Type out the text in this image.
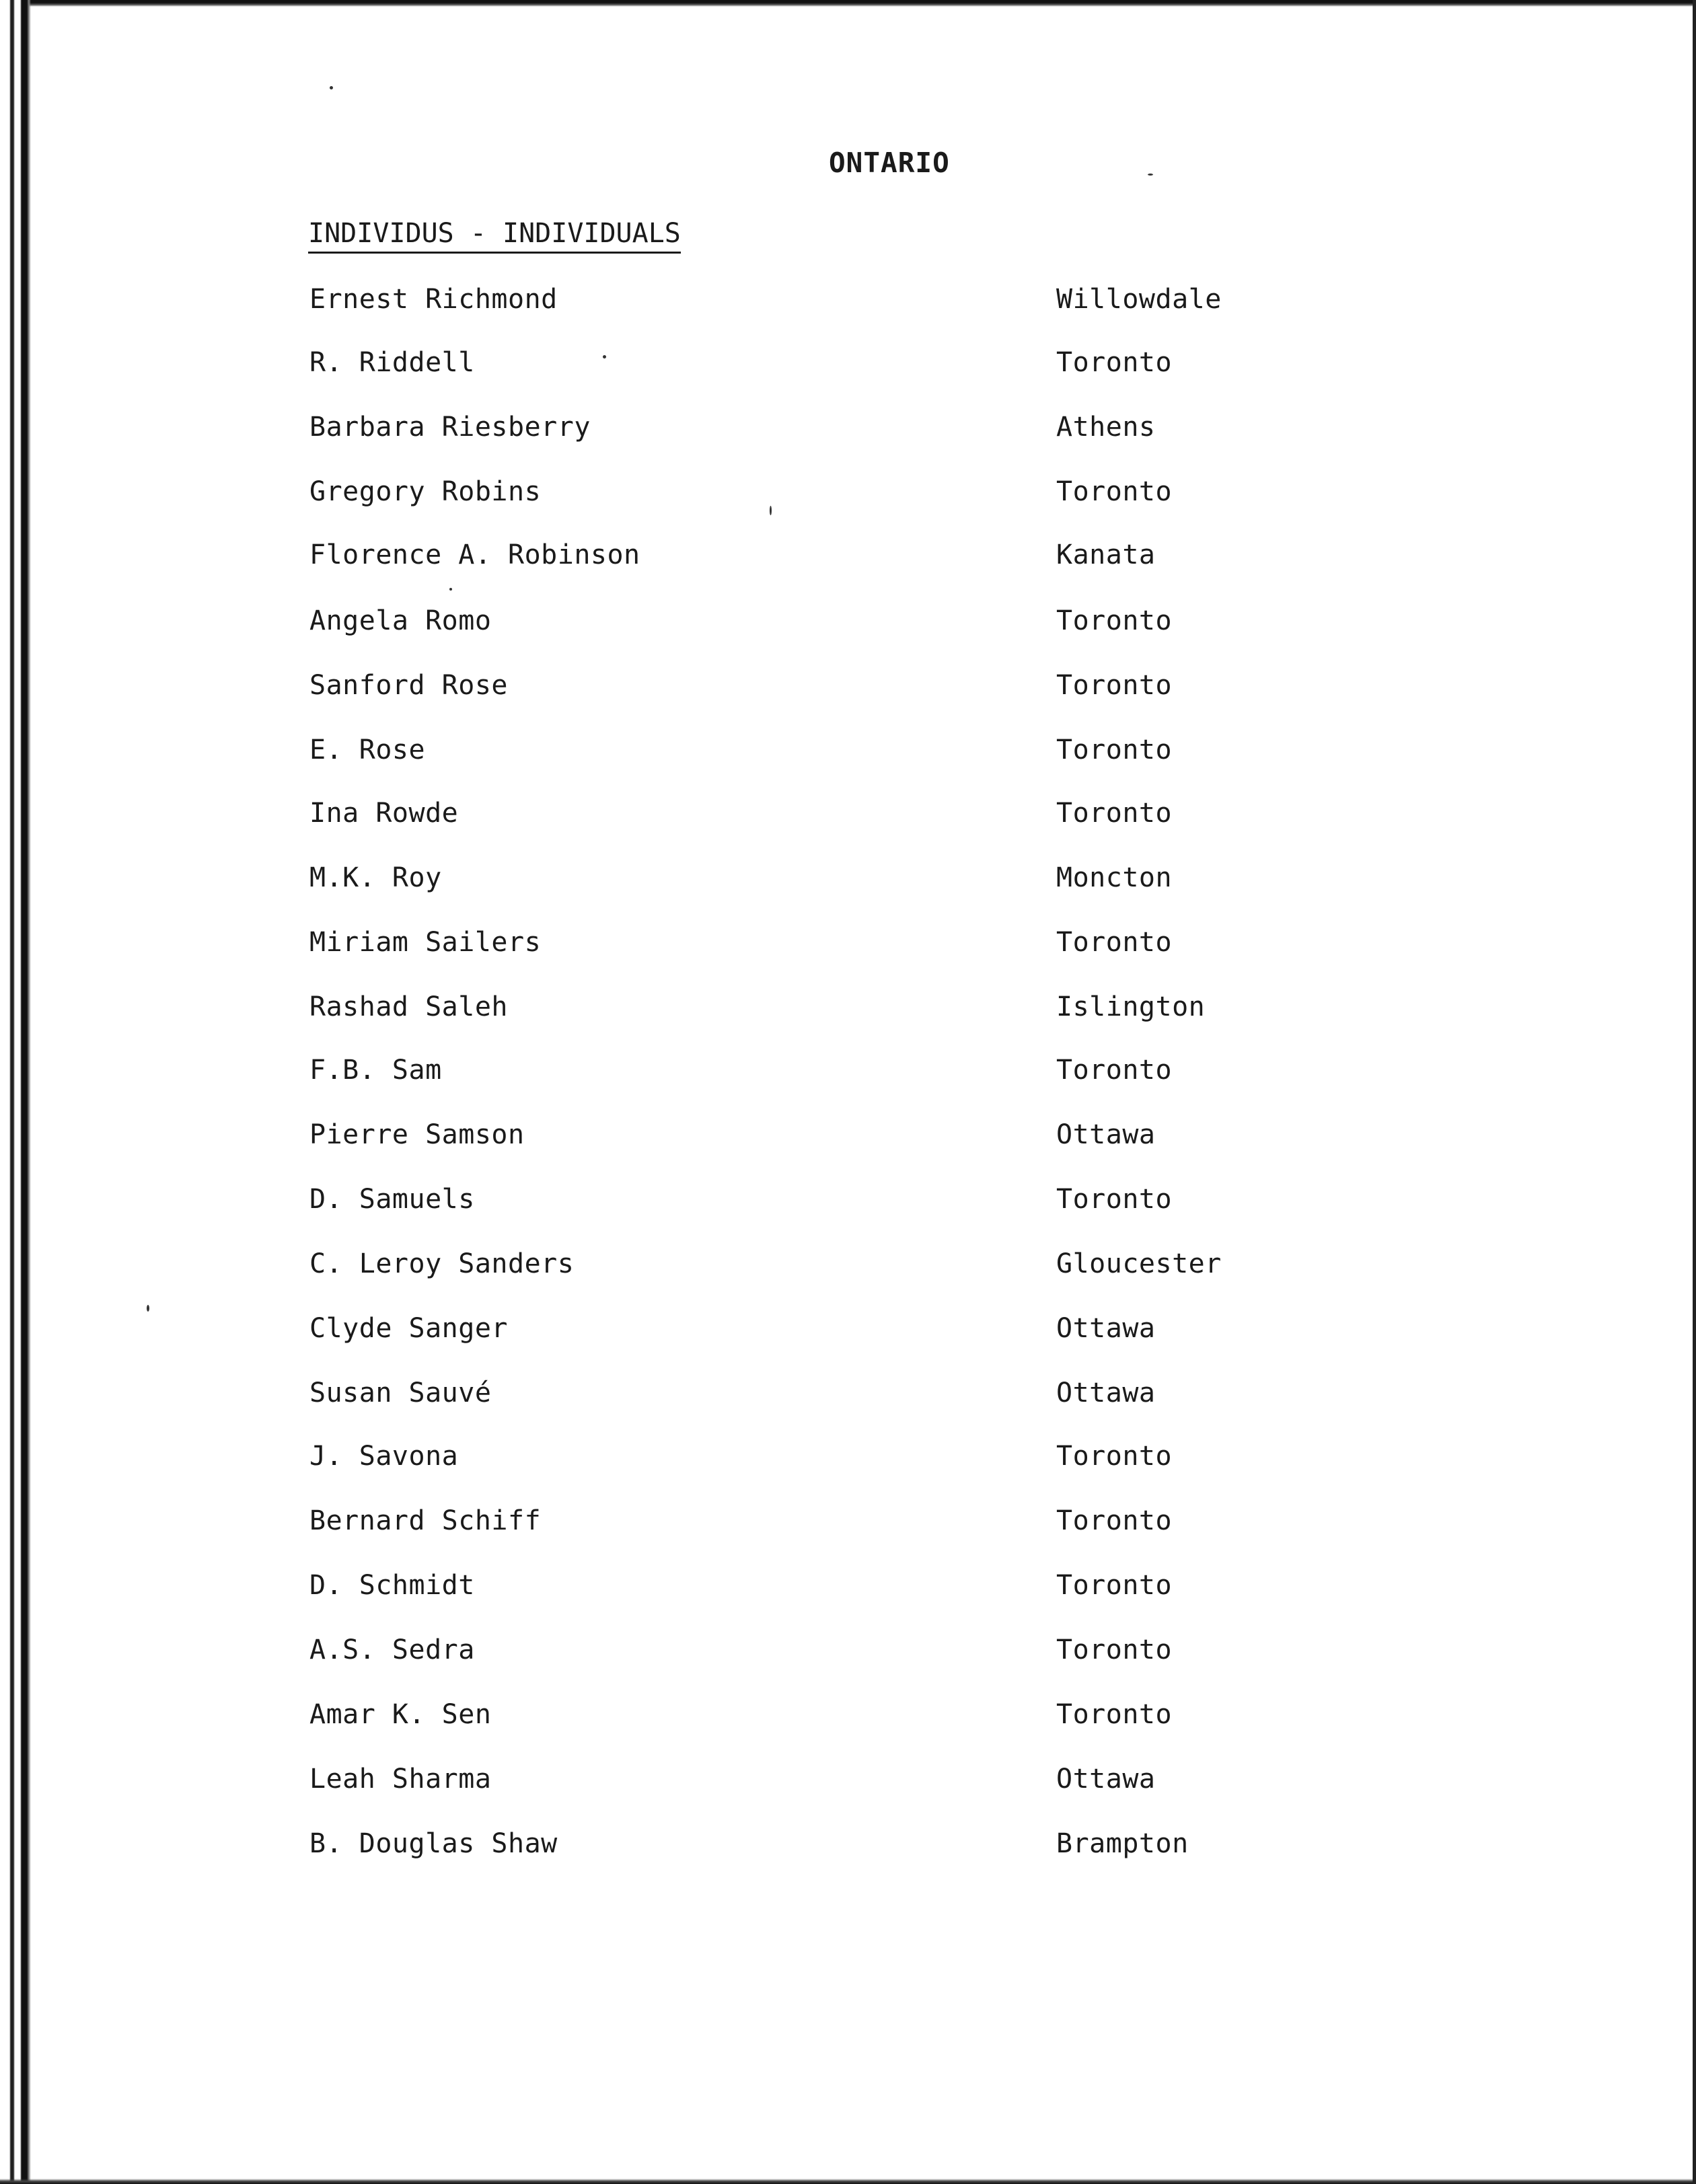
ONTARIO
INDIVIDUS - INDIVIDUALS
Ernest Richmond	Willowdale
R. Riddell	Toronto
Barbara Riesberry	Athens
Gregory Robins	Toronto
Florence A. Robinson	Kanata
Angela Romo	Toronto
Sanford Rose	Toronto
E. Rose	Toronto
Ina Rowde	Toronto
M.K. Roy	Moncton
Miriam Sailers	Toronto
Rashad Saleh	Islington
F.B. Sam	Toronto
Pierre Samson	Ottawa
D. Samuels	Toronto
C. Leroy Sanders	Gloucester
Clyde Sanger	Ottawa
Susan Sauvé	Ottawa
J. Savona	Toronto
Bernard Schiff	Toronto
D. Schmidt	Toronto
A.S. Sedra	Toronto
Amar K. Sen	Toronto
Leah Sharma	Ottawa
B. Douglas Shaw	Brampton
